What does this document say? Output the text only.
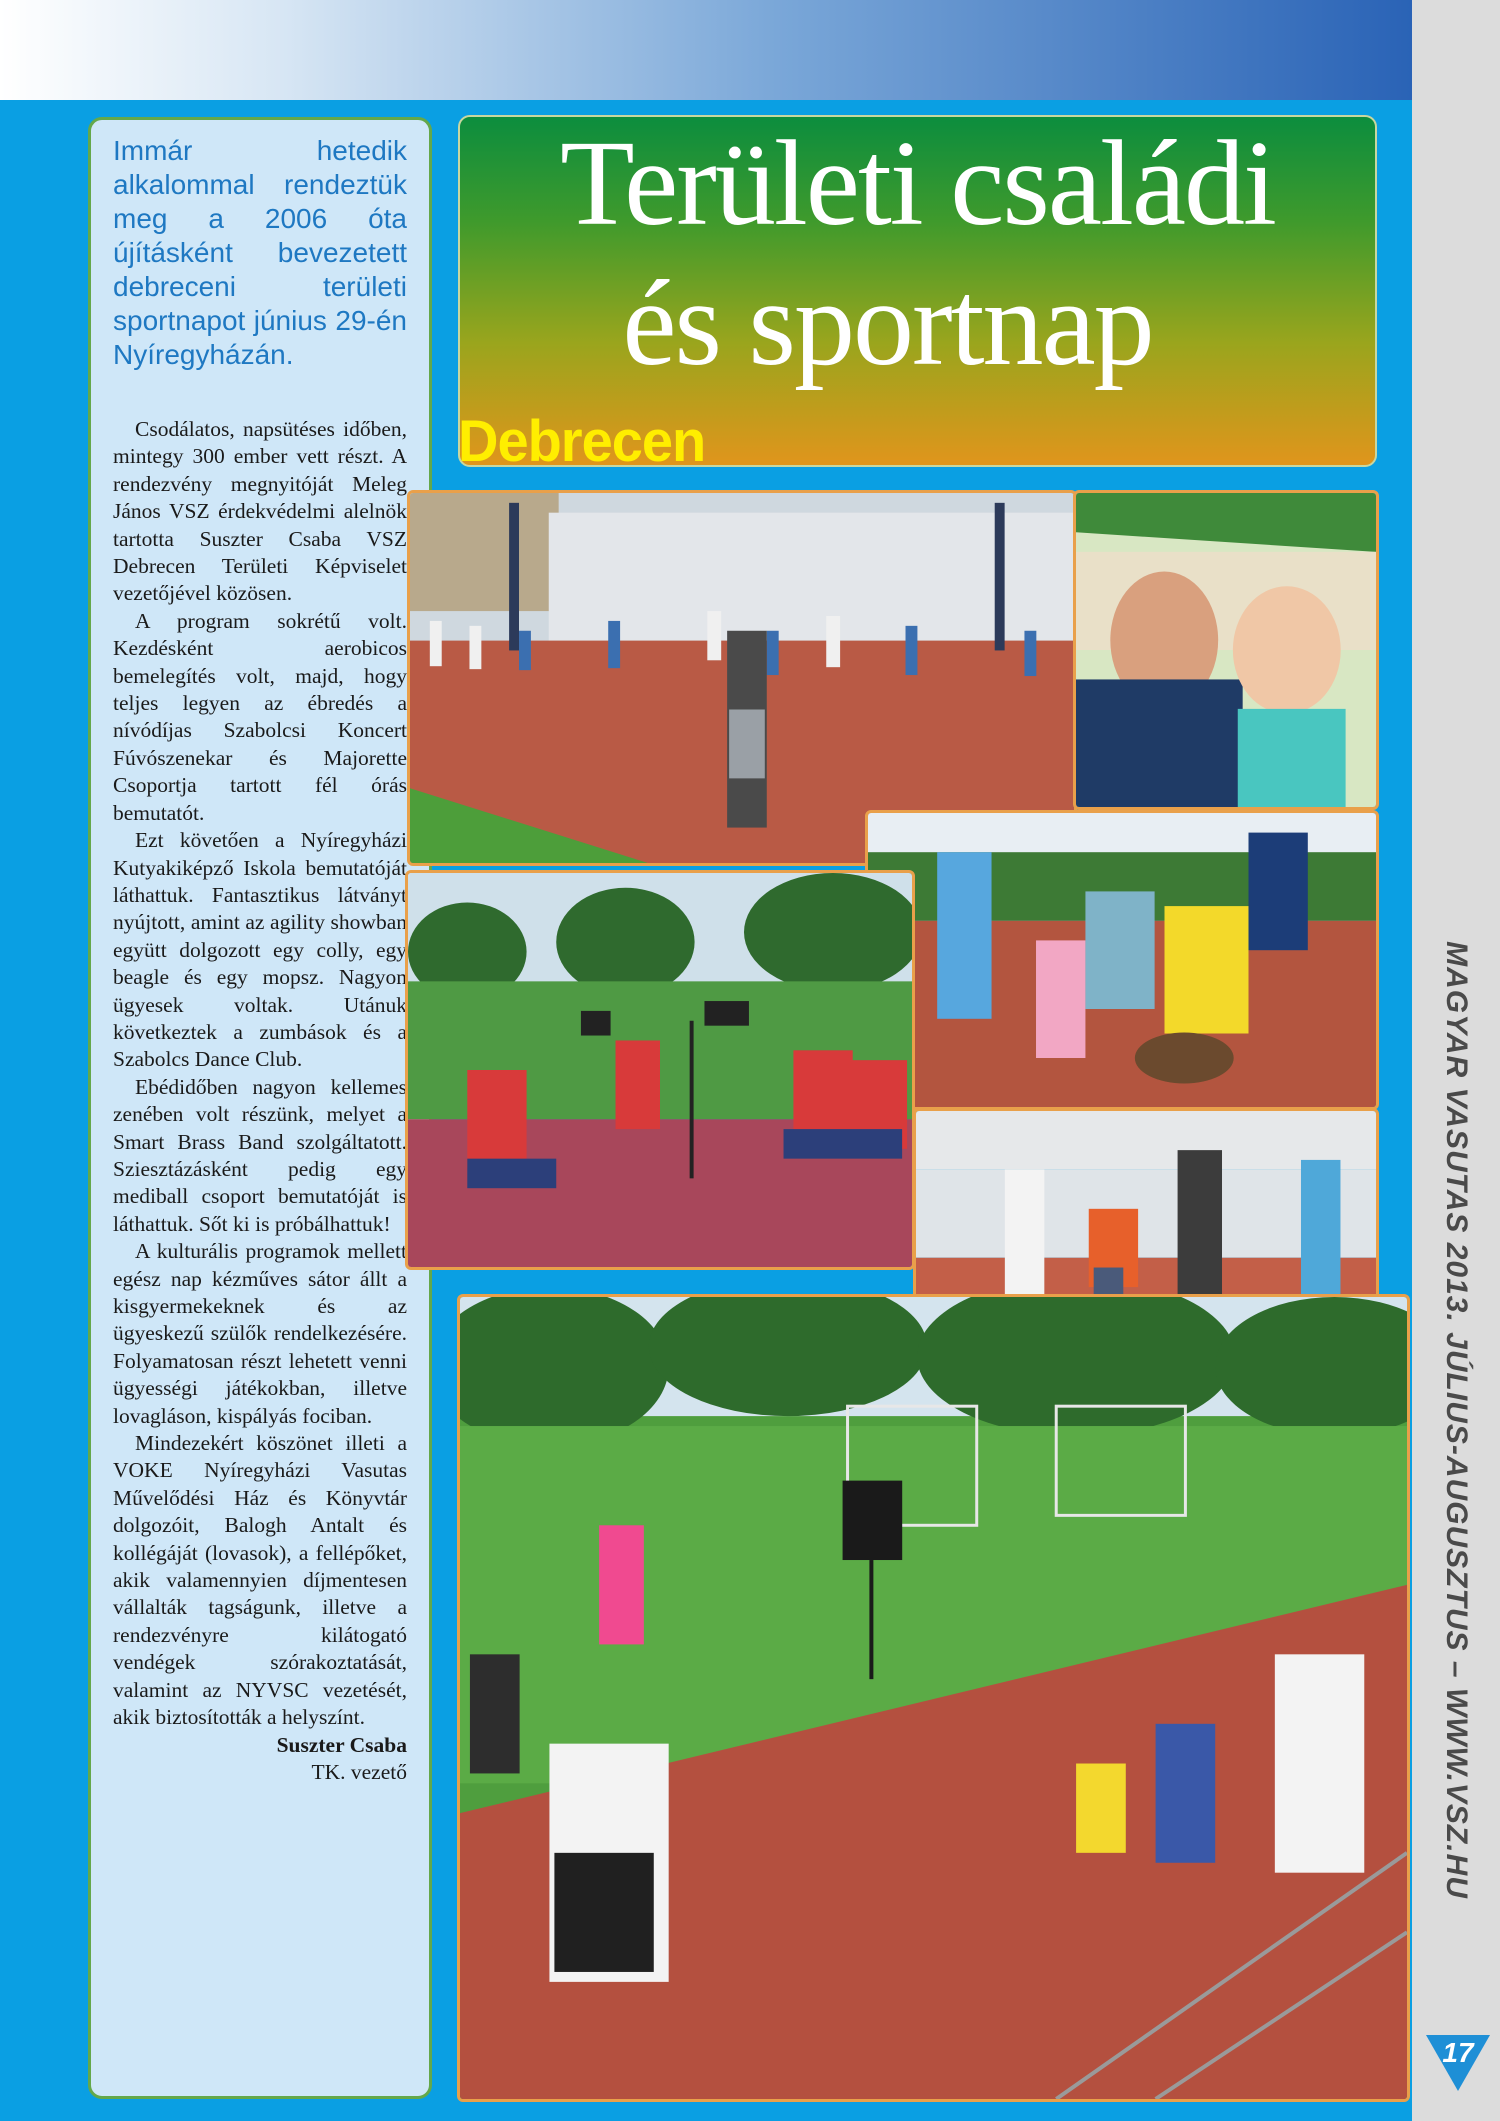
MAGYAR VASUTAS 2013. JÚLIUS-AUGUSZTUS – WWW.VSZ.HU
17

Immár hetedik alkalommal rendeztük meg a 2006 óta újításként bevezetett debreceni területi sportnapot június 29-én Nyíregyházán.

Csodálatos, napsütéses időben, mintegy 300 ember vett részt. A rendezvény megnyitóját Meleg János VSZ érdekvédelmi alelnök tartotta Suszter Csaba VSZ Debrecen Területi Képviselet vezetőjével közösen.

A program sokrétű volt. Kezdésként aerobicos bemelegítés volt, majd, hogy teljes legyen az ébredés a nívódíjas Szabolcsi Koncert Fúvószenekar és Majorette Csoportja tartott fél órás bemutatót.

Ezt követően a Nyíregyházi Kutyakiképző Iskola bemutatóját láthattuk. Fantasztikus látványt nyújtott, amint az agility showban együtt dolgozott egy colly, egy beagle és egy mopsz. Nagyon ügyesek voltak. Utánuk következtek a zumbások és a Szabolcs Dance Club.

Ebédidőben nagyon kellemes zenében volt részünk, melyet a Smart Brass Band szolgáltatott. Sziesztázásként pedig egy mediball csoport bemutatóját is láthattuk. Sőt ki is próbálhattuk!

A kulturális programok mellett egész nap kézműves sátor állt a kisgyermekeknek és az ügyeskezű szülők rendelkezésére. Folyamatosan részt lehetett venni ügyességi játékokban, illetve lovagláson, kispályás fociban.

Mindezekért köszönet illeti a VOKE Nyíregyházi Vasutas Művelődési Ház és Könyvtár dolgozóit, Balogh Antalt és kollégáját (lovasok), a fellépőket, akik valamennyien díjmentesen vállalták tagságunk, illetve a rendezvényre kilátogató vendégek szórakoztatását, valamint az NYVSC vezetését, akik biztosították a helyszínt.

Suszter Csaba
TK. vezető
Területi családi
és sportnap
Debrecen
